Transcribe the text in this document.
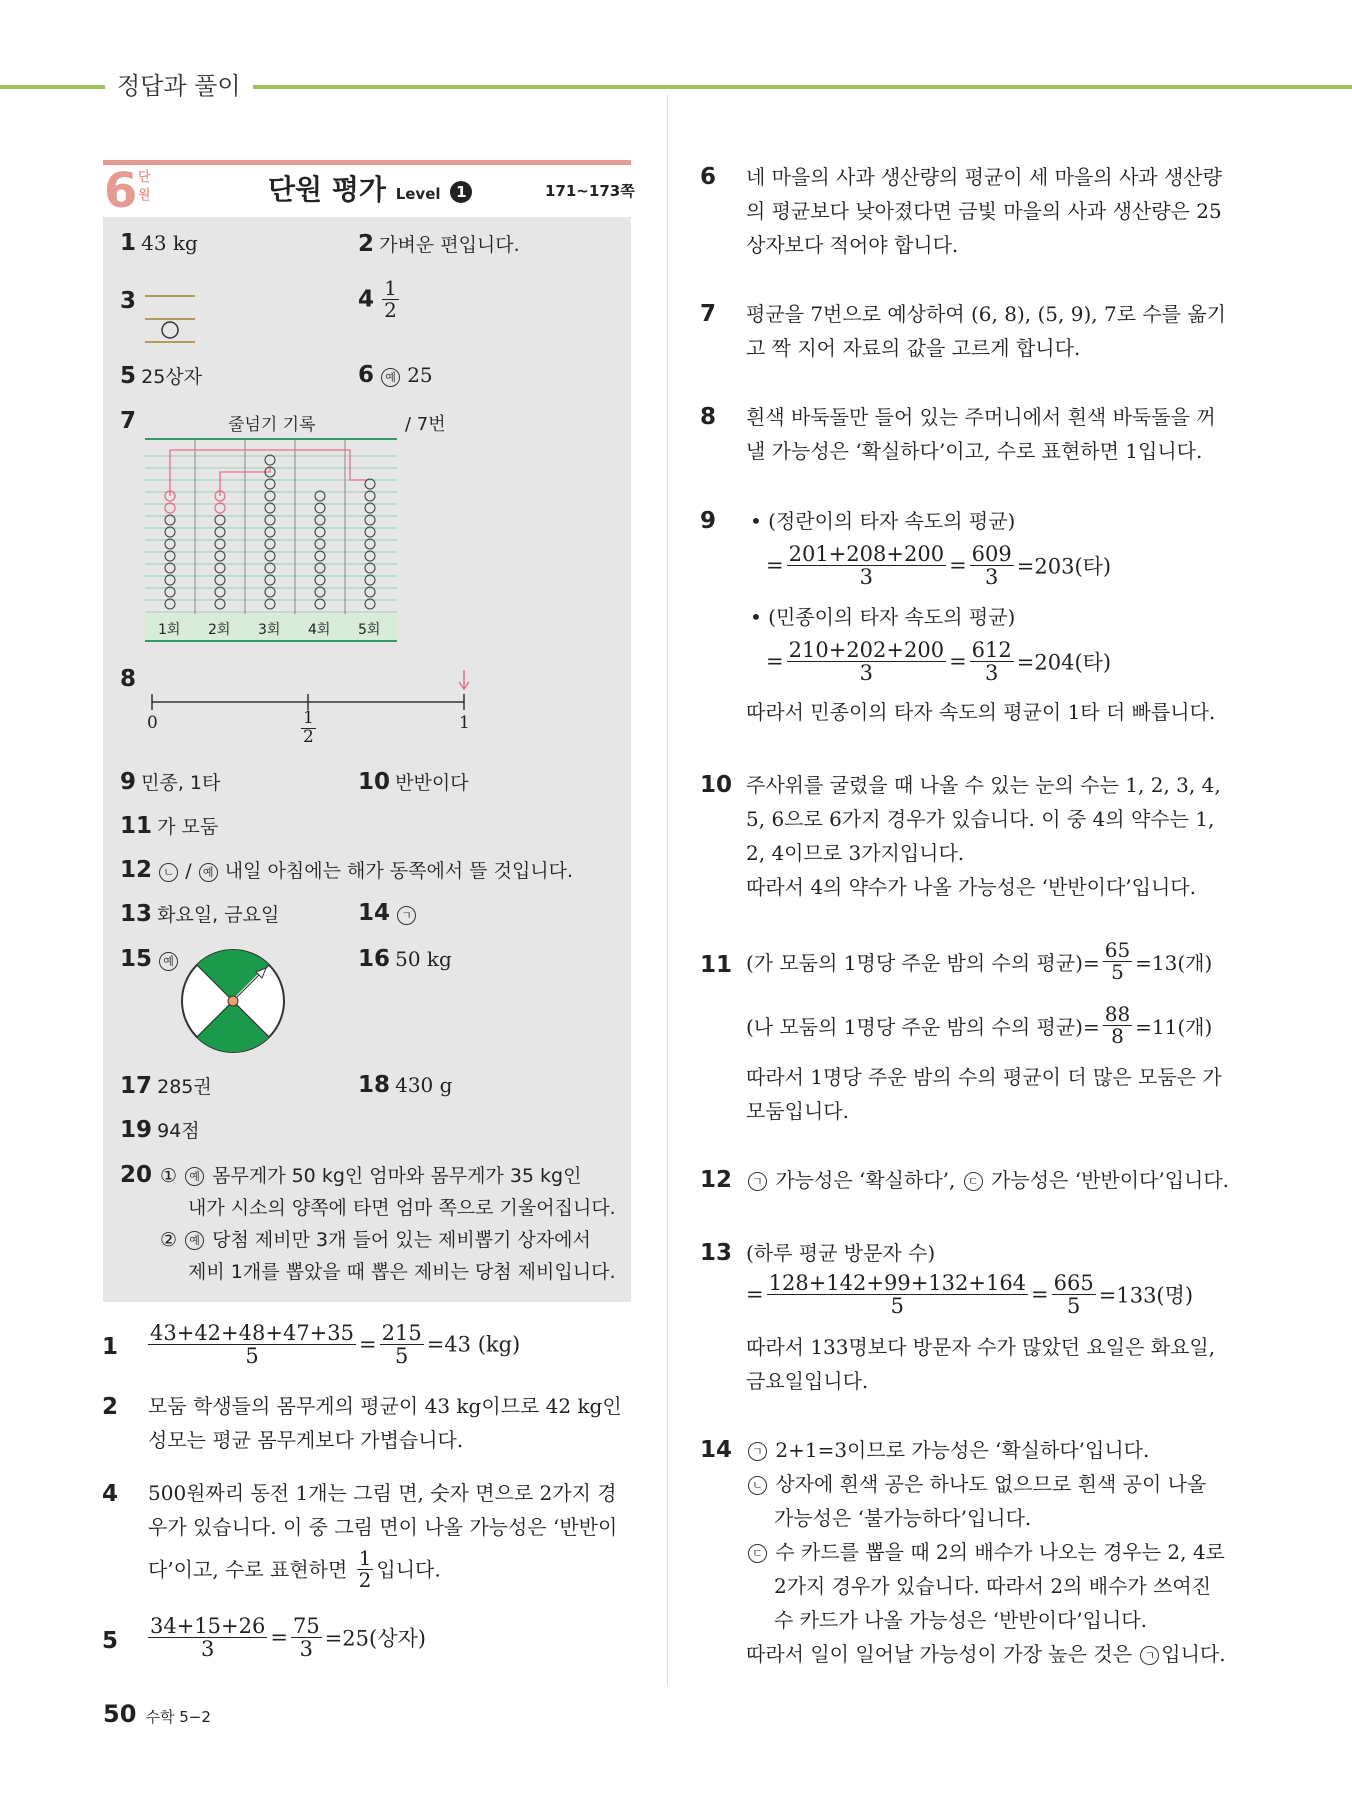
정답과 풀이
6 단
원	단원 평가 Level 1	171~173쪽
1 43 kg	2 가벼운 편입니다.
3	$4 \frac{1}{2}$
5 25상자	6 예 25
7	줄넘기 기록	/ 7번
1회 2회 3회 4회 5회
8
0	$\frac{1}{2}$	1
9 민종, 1타	10 반반이다
11 가 모둠
12 ㄴ / 예 내일 아침에는 해가 동쪽에서 뜰 것입니다.
13 화요일, 금요일	14 ㄱ
15 예	16 50 kg
17 285권	18 430 g
19 94점
20 ① 예 몸무게가 50 kg인 엄마와 몸무게가 35 kg인
내가 시소의 양쪽에 타면 엄마 쪽으로 기울어집니다.
② 예 당첨 제비만 3개 들어 있는 제비뽑기 상자에서
제비 1개를 뽑았을 때 뽑은 제비는 당첨 제비입니다.
$1 \frac{43+42+48+47+35}{5} = \frac{215}{5} =43$ (kg)
2 모둠 학생들의 몸무게의 평균이 43 kg이므로 42 kg인
성모는 평균 몸무게보다 가볍습니다.
4 500원짜리 동전 1개는 그림 면, 숫자 면으로 2가지 경
우가 있습니다. 이 중 그림 면이 나올 가능성은 ‘반반이
다’이고, 수로 표현하면 $\frac{1}{2}$ 입니다.
$5 \frac{34+15+26}{3} = \frac{75}{3} =25$(상자)
6 네 마을의 사과 생산량의 평균이 세 마을의 사과 생산량
의 평균보다 낮아졌다면 금빛 마을의 사과 생산량은 25
상자보다 적어야 합니다.
7 평균을 7번으로 예상하여 (6, 8), (5, 9), 7로 수를 옮기
고 짝 지어 자료의 값을 고르게 합니다.
8 흰색 바둑돌만 들어 있는 주머니에서 흰색 바둑돌을 꺼
낼 가능성은 ‘확실하다’이고, 수로 표현하면 1입니다.
9 • (정란이의 타자 속도의 평균)
= $\frac{201+208+200}{3} = \frac{609}{3} =203$(타)
• (민종이의 타자 속도의 평균)
= $\frac{210+202+200}{3} = \frac{612}{3} =204$(타)
따라서 민종이의 타자 속도의 평균이 1타 더 빠릅니다.
10 주사위를 굴렸을 때 나올 수 있는 눈의 수는 1, 2, 3, 4,
5, 6으로 6가지 경우가 있습니다. 이 중 4의 약수는 1,
2, 4이므로 3가지입니다.
따라서 4의 약수가 나올 가능성은 ‘반반이다’입니다.
11 (가 모둠의 1명당 주운 밤의 수의 평균)= $\frac{65}{5} =13$(개)
(나 모둠의 1명당 주운 밤의 수의 평균)= $\frac{88}{8} =11$(개)
따라서 1명당 주운 밤의 수의 평균이 더 많은 모둠은 가
모둠입니다.
12	ㄱ 가능성은 ‘확실하다’, ㄷ 가능성은 ‘반반이다’입니다.
13 (하루 평균 방문자 수)
= $\frac{128+142+99+132+164}{5} = \frac{665}{5} =133$(명)
따라서 133명보다 방문자 수가 많았던 요일은 화요일,
금요일입니다.
14	ㄱ 2+1=3이므로 가능성은 ‘확실하다’입니다.
ㄴ 상자에 흰색 공은 하나도 없으므로 흰색 공이 나올
가능성은 ‘불가능하다’입니다.
ㄷ 수 카드를 뽑을 때 2의 배수가 나오는 경우는 2, 4로
2가지 경우가 있습니다. 따라서 2의 배수가 쓰여진
수 카드가 나올 가능성은 ‘반반이다’입니다.
따라서 일이 일어날 가능성이 가장 높은 것은 ㄱ 입니다.
50 수학 5−2
